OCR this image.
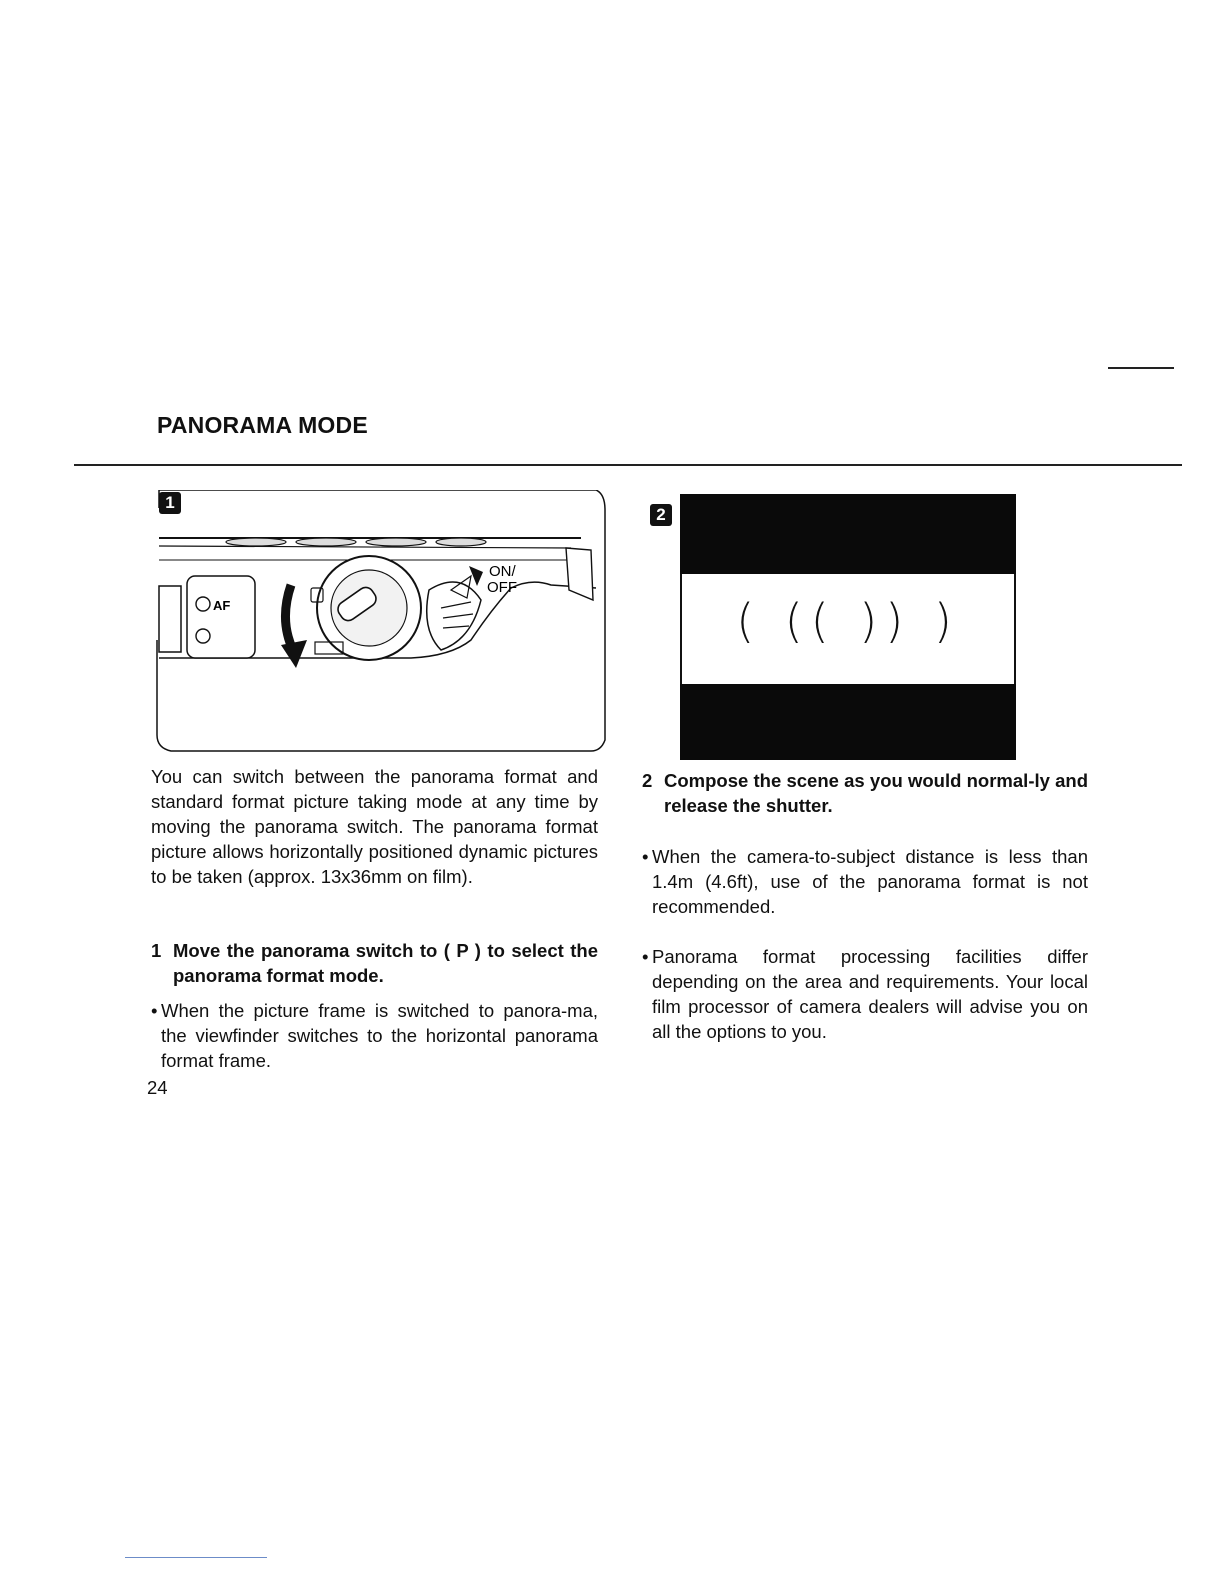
PANORAMA MODE
1
AF
ON/
OFF
2
( (( )) )
You can switch between the panorama format and standard format picture taking mode at any time by moving the panorama switch. The panorama format picture allows horizontally positioned dynamic pictures to be taken (approx. 13x36mm on film).
1 Move the panorama switch to ( P ) to select the panorama format mode.
• When the picture frame is switched to panora-ma, the viewfinder switches to the horizontal panorama format frame.
24
2 Compose the scene as you would normal-ly and release the shutter.
• When the camera-to-subject distance is less than 1.4m (4.6ft), use of the panorama format is not recommended.
• Panorama format processing facilities differ depending on the area and requirements. Your local film processor of camera dealers will advise you on all the options to you.
